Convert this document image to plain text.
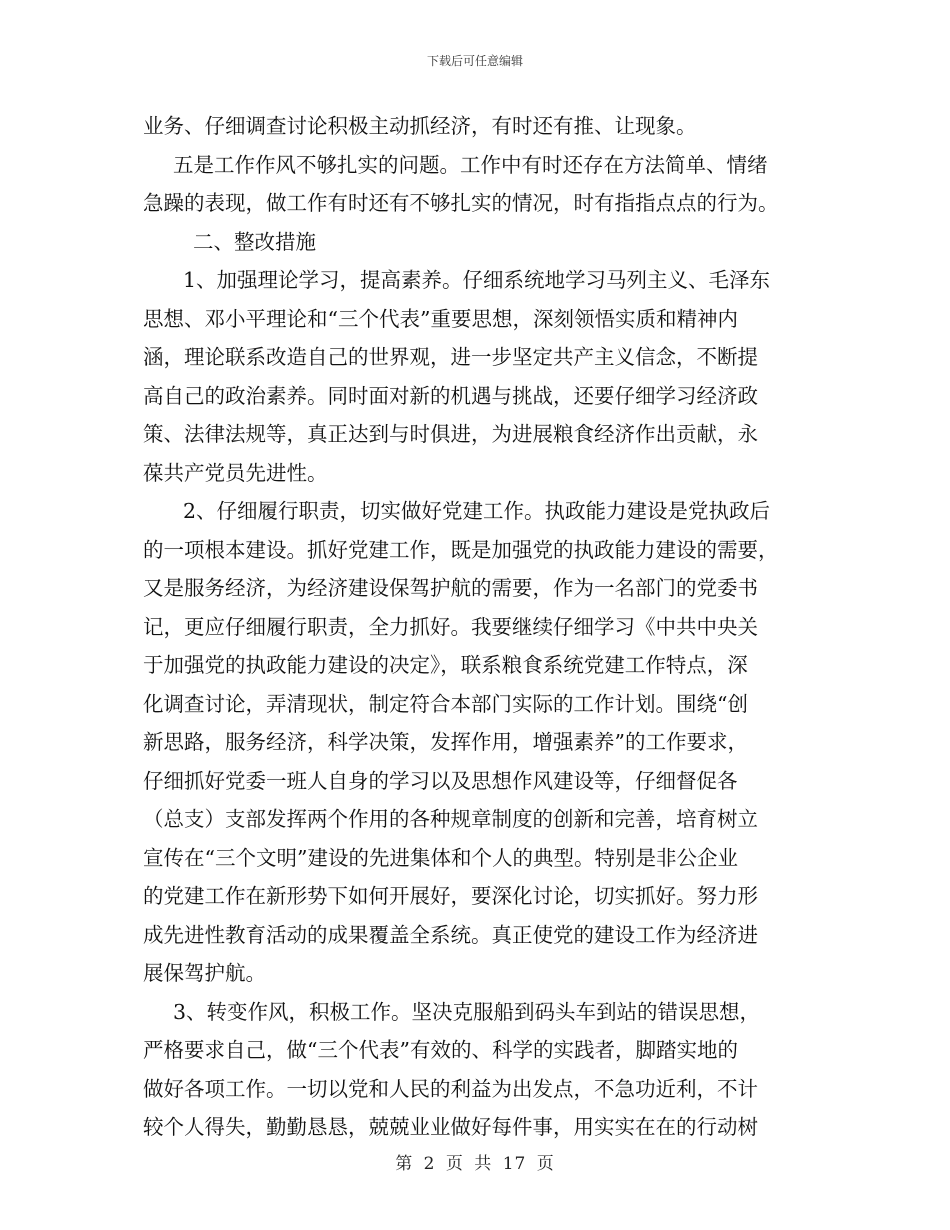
下载后可任意编辑
业务、仔细调查讨论积极主动抓经济，有时还有推、让现象。
五是工作作风不够扎实的问题。工作中有时还存在方法简单、情绪
急躁的表现，做工作有时还有不够扎实的情况，时有指指点点的行为。
二、整改措施
1、加强理论学习，提高素养。仔细系统地学习马列主义、毛泽东
思想、邓小平理论和“三个代表”重要思想，深刻领悟实质和精神内
涵，理论联系改造自己的世界观，进一步坚定共产主义信念，不断提
高自己的政治素养。同时面对新的机遇与挑战，还要仔细学习经济政
策、法律法规等，真正达到与时俱进，为进展粮食经济作出贡献，永
葆共产党员先进性。
2、仔细履行职责，切实做好党建工作。执政能力建设是党执政后
的一项根本建设。抓好党建工作，既是加强党的执政能力建设的需要，
又是服务经济，为经济建设保驾护航的需要，作为一名部门的党委书
记，更应仔细履行职责，全力抓好。我要继续仔细学习《中共中央关
于加强党的执政能力建设的决定》，联系粮食系统党建工作特点，深
化调查讨论，弄清现状，制定符合本部门实际的工作计划。围绕“创
新思路，服务经济，科学决策，发挥作用，增强素养”的工作要求，
仔细抓好党委一班人自身的学习以及思想作风建设等，仔细督促各
（总支）支部发挥两个作用的各种规章制度的创新和完善，培育树立
宣传在“三个文明”建设的先进集体和个人的典型。特别是非公企业
的党建工作在新形势下如何开展好，要深化讨论，切实抓好。努力形
成先进性教育活动的成果覆盖全系统。真正使党的建设工作为经济进
展保驾护航。
3、转变作风，积极工作。坚决克服船到码头车到站的错误思想，
严格要求自己，做“三个代表”有效的、科学的实践者，脚踏实地的
做好各项工作。一切以党和人民的利益为出发点，不急功近利，不计
较个人得失，勤勤恳恳，兢兢业业做好每件事，用实实在在的行动树
第 2 页 共 17 页
